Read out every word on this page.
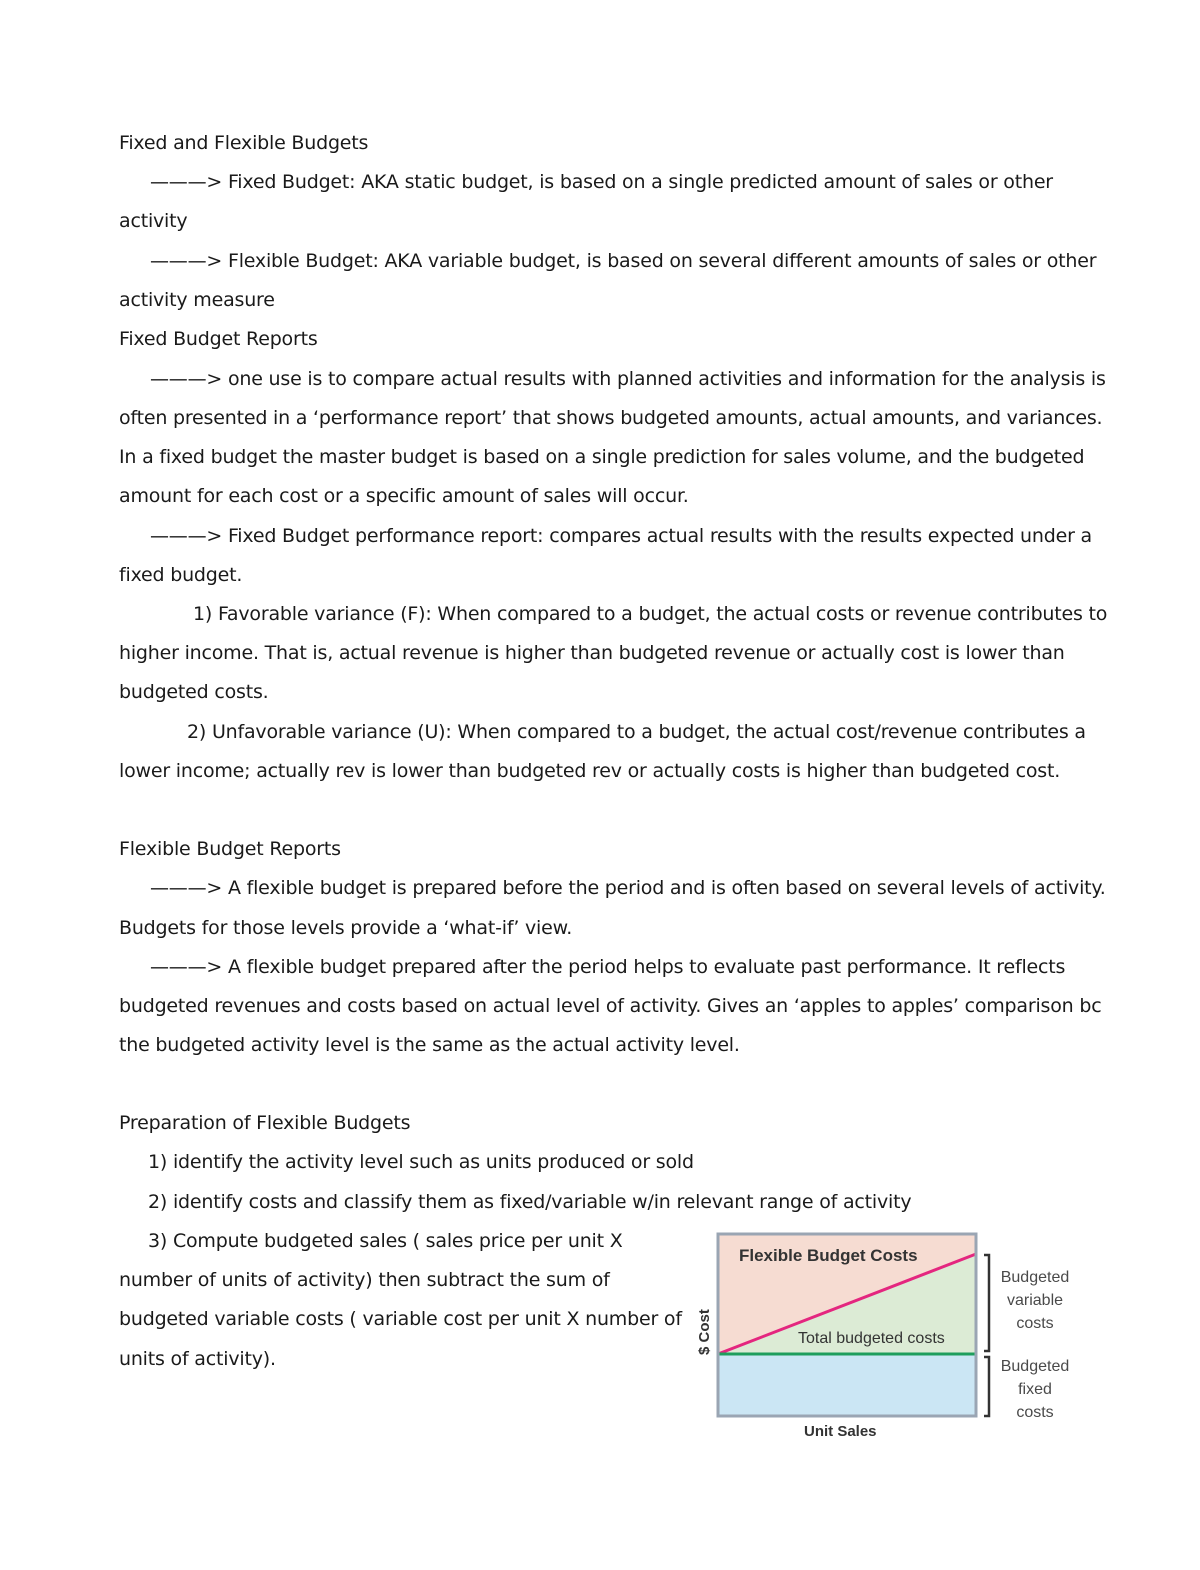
Fixed and Flexible Budgets

———> Fixed Budget: AKA static budget, is based on a single predicted amount of sales or other

activity

———> Flexible Budget: AKA variable budget, is based on several different amounts of sales or other

activity measure

Fixed Budget Reports

———> one use is to compare actual results with planned activities and information for the analysis is

often presented in a ‘performance report’ that shows budgeted amounts, actual amounts, and variances.

In a fixed budget the master budget is based on a single prediction for sales volume, and the budgeted

amount for each cost or a specific amount of sales will occur.

———> Fixed Budget performance report: compares actual results with the results expected under a

fixed budget.

1) Favorable variance (F): When compared to a budget, the actual costs or revenue contributes to

higher income. That is, actual revenue is higher than budgeted revenue or actually cost is lower than

budgeted costs.

2) Unfavorable variance (U): When compared to a budget, the actual cost/revenue contributes a

lower income; actually rev is lower than budgeted rev or actually costs is higher than budgeted cost.

Flexible Budget Reports

———> A flexible budget is prepared before the period and is often based on several levels of activity.

Budgets for those levels provide a ‘what-if’ view.

———> A flexible budget prepared after the period helps to evaluate past performance. It reflects

budgeted revenues and costs based on actual level of activity. Gives an ‘apples to apples’ comparison bc

the budgeted activity level is the same as the actual activity level.

Preparation of Flexible Budgets

1) identify the activity level such as units produced or sold

2) identify costs and classify them as fixed/variable w/in relevant range of activity

3) Compute budgeted sales ( sales price per unit X

number of units of activity) then subtract the sum of

budgeted variable costs ( variable cost per unit X number of

units of activity).

Flexible Budget Costs
Total budgeted costs
$ Cost
Unit Sales
Budgeted
variable
costs
Budgeted
fixed
costs
